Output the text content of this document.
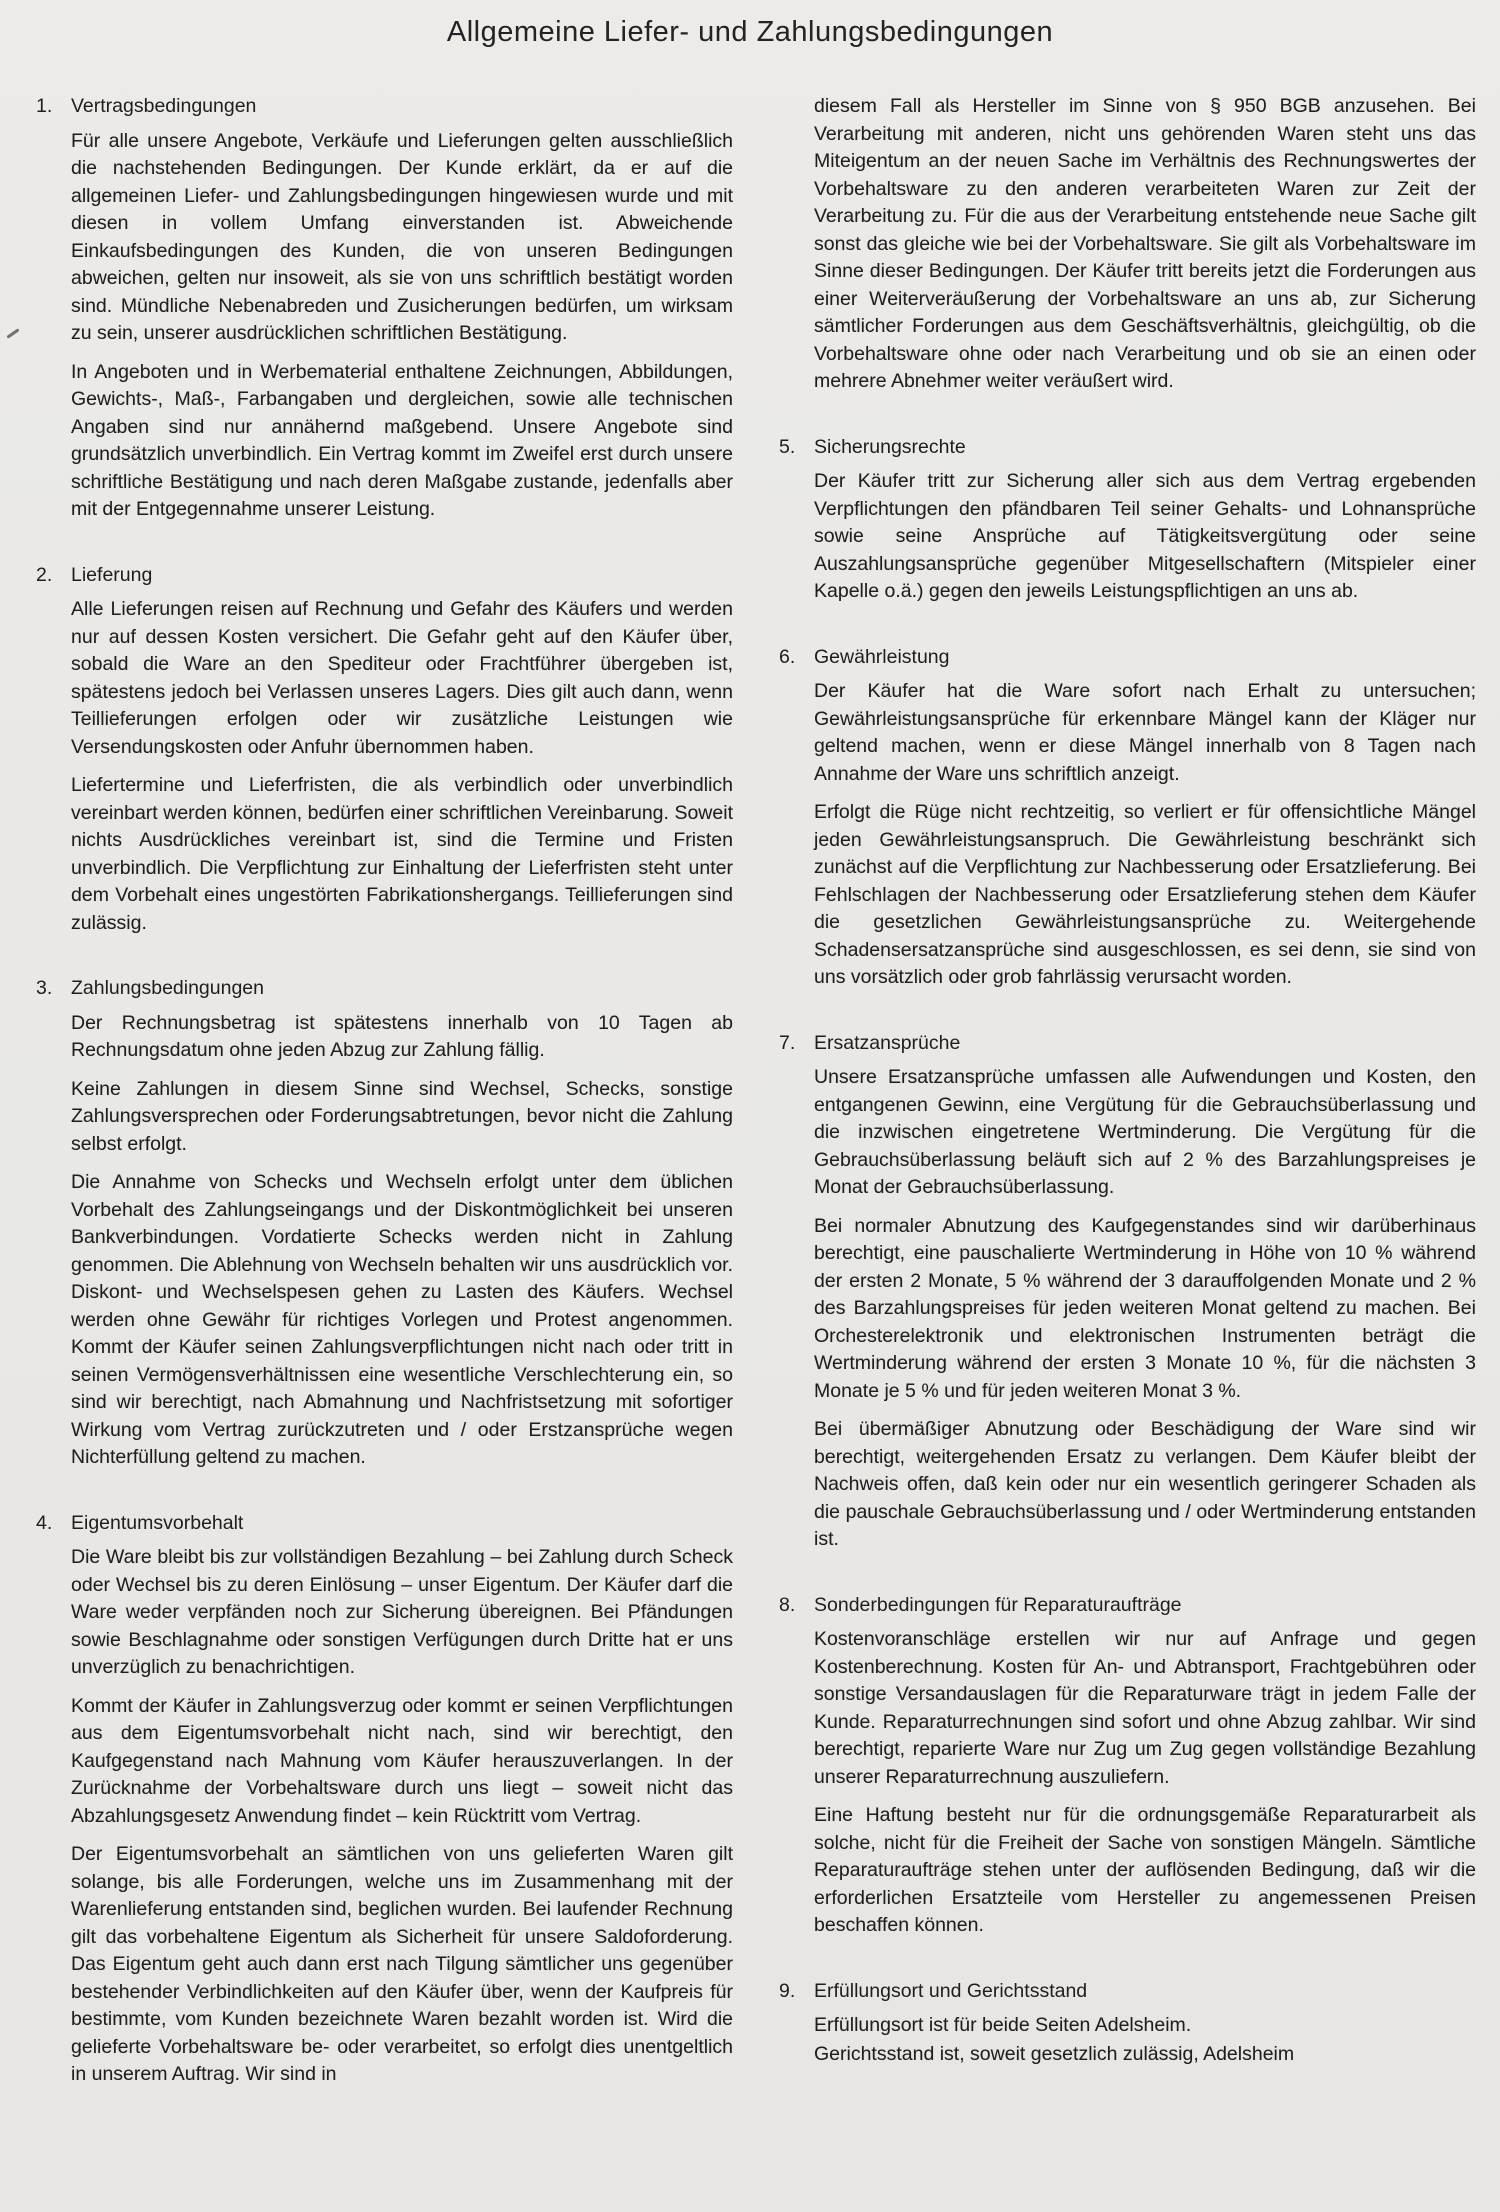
Allgemeine Liefer- und Zahlungsbedingungen
1. Vertragsbedingungen

Für alle unsere Angebote, Verkäufe und Lieferungen gelten ausschließlich die nachstehenden Bedingungen. Der Kunde erklärt, da er auf die allgemeinen Liefer- und Zahlungsbedingungen hingewiesen wurde und mit diesen in vollem Umfang einverstanden ist. Abweichende Einkaufsbedingungen des Kunden, die von unseren Bedingungen abweichen, gelten nur insoweit, als sie von uns schriftlich bestätigt worden sind. Mündliche Nebenabreden und Zusicherungen bedürfen, um wirksam zu sein, unserer ausdrücklichen schriftlichen Bestätigung.

In Angeboten und in Werbematerial enthaltene Zeichnungen, Abbildungen, Gewichts-, Maß-, Farbangaben und dergleichen, sowie alle technischen Angaben sind nur annähernd maßgebend. Unsere Angebote sind grundsätzlich unverbindlich. Ein Vertrag kommt im Zweifel erst durch unsere schriftliche Bestätigung und nach deren Maßgabe zustande, jedenfalls aber mit der Entgegennahme unserer Leistung.

2. Lieferung

Alle Lieferungen reisen auf Rechnung und Gefahr des Käufers und werden nur auf dessen Kosten versichert. Die Gefahr geht auf den Käufer über, sobald die Ware an den Spediteur oder Frachtführer übergeben ist, spätestens jedoch bei Verlassen unseres Lagers. Dies gilt auch dann, wenn Teillieferungen erfolgen oder wir zusätzliche Leistungen wie Versendungskosten oder Anfuhr übernommen haben.

Liefertermine und Lieferfristen, die als verbindlich oder unverbindlich vereinbart werden können, bedürfen einer schriftlichen Vereinbarung. Soweit nichts Ausdrückliches vereinbart ist, sind die Termine und Fristen unverbindlich. Die Verpflichtung zur Einhaltung der Lieferfristen steht unter dem Vorbehalt eines ungestörten Fabrikationshergangs. Teillieferungen sind zulässig.

3. Zahlungsbedingungen

Der Rechnungsbetrag ist spätestens innerhalb von 10 Tagen ab Rechnungsdatum ohne jeden Abzug zur Zahlung fällig.

Keine Zahlungen in diesem Sinne sind Wechsel, Schecks, sonstige Zahlungsversprechen oder Forderungsabtretungen, bevor nicht die Zahlung selbst erfolgt.

Die Annahme von Schecks und Wechseln erfolgt unter dem üblichen Vorbehalt des Zahlungseingangs und der Diskontmöglichkeit bei unseren Bankverbindungen. Vordatierte Schecks werden nicht in Zahlung genommen. Die Ablehnung von Wechseln behalten wir uns ausdrücklich vor. Diskont- und Wechselspesen gehen zu Lasten des Käufers. Wechsel werden ohne Gewähr für richtiges Vorlegen und Protest angenommen. Kommt der Käufer seinen Zahlungsverpflichtungen nicht nach oder tritt in seinen Vermögensverhältnissen eine wesentliche Verschlechterung ein, so sind wir berechtigt, nach Abmahnung und Nachfristsetzung mit sofortiger Wirkung vom Vertrag zurückzutreten und / oder Erstzansprüche wegen Nichterfüllung geltend zu machen.

4. Eigentumsvorbehalt

Die Ware bleibt bis zur vollständigen Bezahlung – bei Zahlung durch Scheck oder Wechsel bis zu deren Einlösung – unser Eigentum. Der Käufer darf die Ware weder verpfänden noch zur Sicherung übereignen. Bei Pfändungen sowie Beschlagnahme oder sonstigen Verfügungen durch Dritte hat er uns unverzüglich zu benachrichtigen.

Kommt der Käufer in Zahlungsverzug oder kommt er seinen Verpflichtungen aus dem Eigentumsvorbehalt nicht nach, sind wir berechtigt, den Kaufgegenstand nach Mahnung vom Käufer herauszuverlangen. In der Zurücknahme der Vorbehaltsware durch uns liegt – soweit nicht das Abzahlungsgesetz Anwendung findet – kein Rücktritt vom Vertrag.

Der Eigentumsvorbehalt an sämtlichen von uns gelieferten Waren gilt solange, bis alle Forderungen, welche uns im Zusammenhang mit der Warenlieferung entstanden sind, beglichen wurden. Bei laufender Rechnung gilt das vorbehaltene Eigentum als Sicherheit für unsere Saldoforderung. Das Eigentum geht auch dann erst nach Tilgung sämtlicher uns gegenüber bestehender Verbindlichkeiten auf den Käufer über, wenn der Kaufpreis für bestimmte, vom Kunden bezeichnete Waren bezahlt worden ist. Wird die gelieferte Vorbehaltsware be- oder verarbeitet, so erfolgt dies unentgeltlich in unserem Auftrag. Wir sind in

diesem Fall als Hersteller im Sinne von § 950 BGB anzusehen. Bei Verarbeitung mit anderen, nicht uns gehörenden Waren steht uns das Miteigentum an der neuen Sache im Verhältnis des Rechnungswertes der Vorbehaltsware zu den anderen verarbeiteten Waren zur Zeit der Verarbeitung zu. Für die aus der Verarbeitung entstehende neue Sache gilt sonst das gleiche wie bei der Vorbehaltsware. Sie gilt als Vorbehaltsware im Sinne dieser Bedingungen. Der Käufer tritt bereits jetzt die Forderungen aus einer Weiterveräußerung der Vorbehaltsware an uns ab, zur Sicherung sämtlicher Forderungen aus dem Geschäftsverhältnis, gleichgültig, ob die Vorbehaltsware ohne oder nach Verarbeitung und ob sie an einen oder mehrere Abnehmer weiter veräußert wird.

5. Sicherungsrechte

Der Käufer tritt zur Sicherung aller sich aus dem Vertrag ergebenden Verpflichtungen den pfändbaren Teil seiner Gehalts- und Lohnansprüche sowie seine Ansprüche auf Tätigkeitsvergütung oder seine Auszahlungsansprüche gegenüber Mitgesellschaftern (Mitspieler einer Kapelle o.ä.) gegen den jeweils Leistungspflichtigen an uns ab.

6. Gewährleistung

Der Käufer hat die Ware sofort nach Erhalt zu untersuchen; Gewährleistungsansprüche für erkennbare Mängel kann der Kläger nur geltend machen, wenn er diese Mängel innerhalb von 8 Tagen nach Annahme der Ware uns schriftlich anzeigt.

Erfolgt die Rüge nicht rechtzeitig, so verliert er für offensichtliche Mängel jeden Gewährleistungsanspruch. Die Gewährleistung beschränkt sich zunächst auf die Verpflichtung zur Nachbesserung oder Ersatzlieferung. Bei Fehlschlagen der Nachbesserung oder Ersatzlieferung stehen dem Käufer die gesetzlichen Gewährleistungsansprüche zu. Weitergehende Schadensersatzansprüche sind ausgeschlossen, es sei denn, sie sind von uns vorsätzlich oder grob fahrlässig verursacht worden.

7. Ersatzansprüche

Unsere Ersatzansprüche umfassen alle Aufwendungen und Kosten, den entgangenen Gewinn, eine Vergütung für die Gebrauchsüberlassung und die inzwischen eingetretene Wertminderung. Die Vergütung für die Gebrauchsüberlassung beläuft sich auf 2 % des Barzahlungspreises je Monat der Gebrauchsüberlassung.

Bei normaler Abnutzung des Kaufgegenstandes sind wir darüberhinaus berechtigt, eine pauschalierte Wertminderung in Höhe von 10 % während der ersten 2 Monate, 5 % während der 3 darauffolgenden Monate und 2 % des Barzahlungspreises für jeden weiteren Monat geltend zu machen. Bei Orchesterelektronik und elektronischen Instrumenten beträgt die Wertminderung während der ersten 3 Monate 10 %, für die nächsten 3 Monate je 5 % und für jeden weiteren Monat 3 %.

Bei übermäßiger Abnutzung oder Beschädigung der Ware sind wir berechtigt, weitergehenden Ersatz zu verlangen. Dem Käufer bleibt der Nachweis offen, daß kein oder nur ein wesentlich geringerer Schaden als die pauschale Gebrauchsüberlassung und / oder Wertminderung entstanden ist.

8. Sonderbedingungen für Reparaturaufträge

Kostenvoranschläge erstellen wir nur auf Anfrage und gegen Kostenberechnung. Kosten für An- und Abtransport, Frachtgebühren oder sonstige Versandauslagen für die Reparaturware trägt in jedem Falle der Kunde. Reparaturrechnungen sind sofort und ohne Abzug zahlbar. Wir sind berechtigt, reparierte Ware nur Zug um Zug gegen vollständige Bezahlung unserer Reparaturrechnung auszuliefern.

Eine Haftung besteht nur für die ordnungsgemäße Reparaturarbeit als solche, nicht für die Freiheit der Sache von sonstigen Mängeln. Sämtliche Reparaturaufträge stehen unter der auflösenden Bedingung, daß wir die erforderlichen Ersatzteile vom Hersteller zu angemessenen Preisen beschaffen können.

9. Erfüllungsort und Gerichtsstand

Erfüllungsort ist für beide Seiten Adelsheim.

Gerichtsstand ist, soweit gesetzlich zulässig, Adelsheim
